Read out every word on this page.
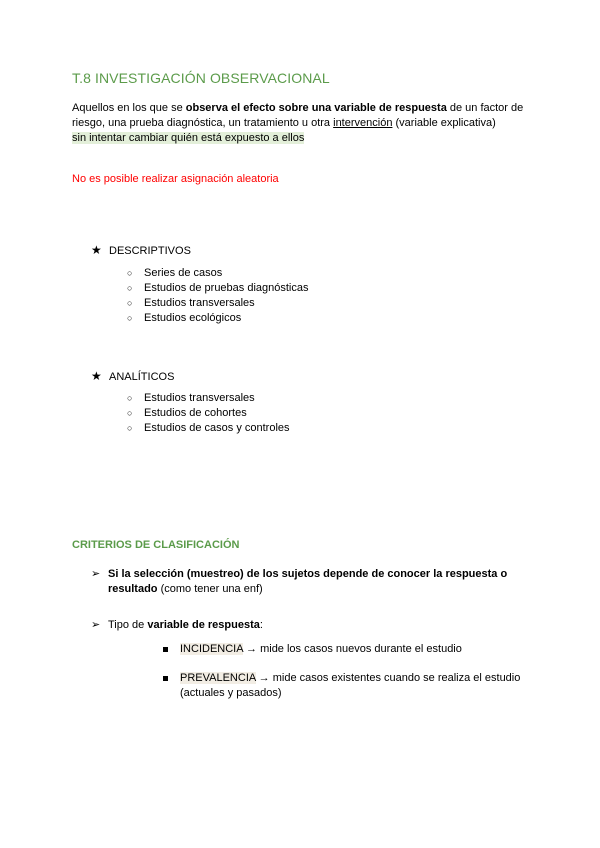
T.8 INVESTIGACIÓN OBSERVACIONAL
Aquellos en los que se observa el efecto sobre una variable de respuesta de un factor de riesgo, una prueba diagnóstica, un tratamiento u otra intervención (variable explicativa)
sin intentar cambiar quién está expuesto a ellos
No es posible realizar asignación aleatoria
★ DESCRIPTIVOS
○ Series de casos
○ Estudios de pruebas diagnósticas
○ Estudios transversales
○ Estudios ecológicos
★ ANALÍTICOS
○ Estudios transversales
○ Estudios de cohortes
○ Estudios de casos y controles
CRITERIOS DE CLASIFICACIÓN
➢ Si la selección (muestreo) de los sujetos depende de conocer la respuesta o resultado (como tener una enf)
➢ Tipo de variable de respuesta:
INCIDENCIA → mide los casos nuevos durante el estudio
PREVALENCIA → mide casos existentes cuando se realiza el estudio (actuales y pasados)
